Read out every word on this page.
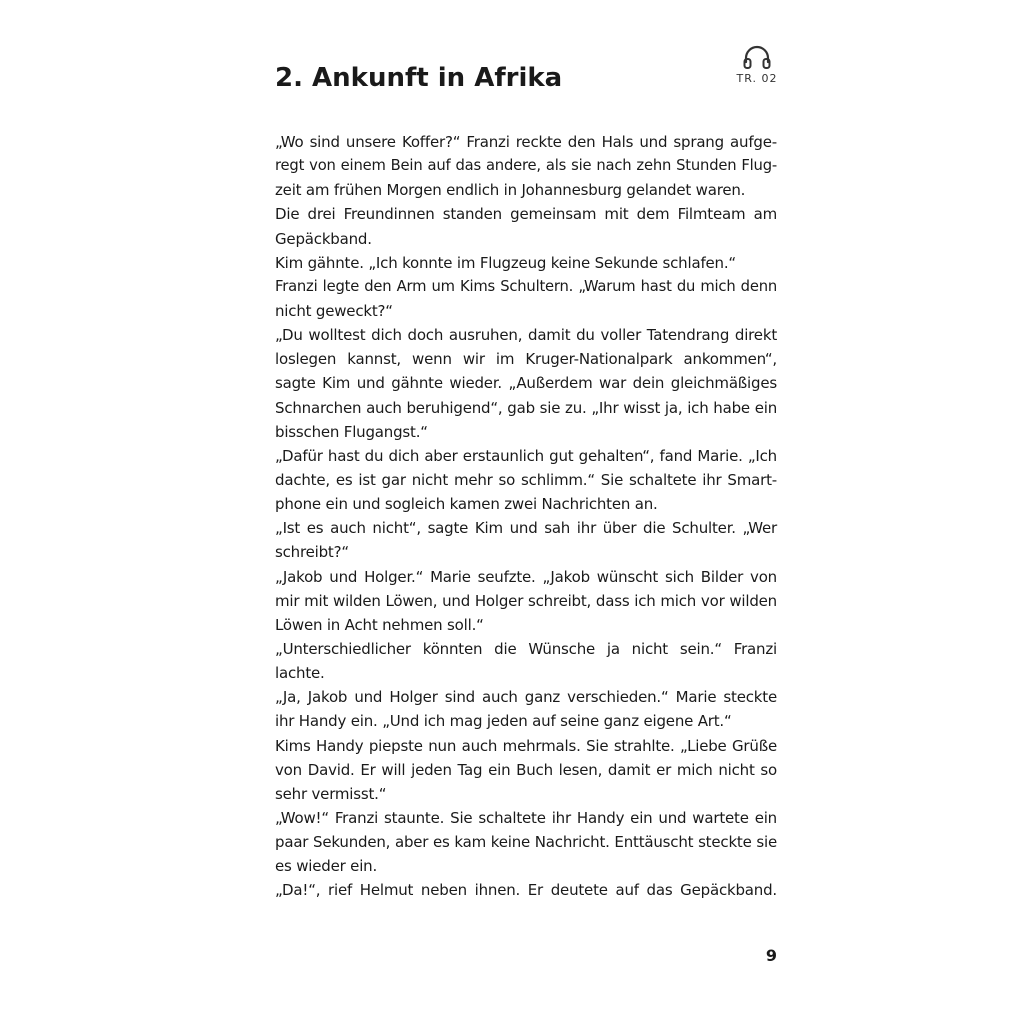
2. Ankunft in Afrika	TR. 02
„Wo sind unsere Koffer?“ Franzi reckte den Hals und sprang aufge-
regt von einem Bein auf das andere, als sie nach zehn Stunden Flug-
zeit am frühen Morgen endlich in Johannesburg gelandet waren.
Die drei Freundinnen standen gemeinsam mit dem Filmteam am
Gepäckband.
Kim gähnte. „Ich konnte im Flugzeug keine Sekunde schlafen.“
Franzi legte den Arm um Kims Schultern. „Warum hast du mich denn
nicht geweckt?“
„Du wolltest dich doch ausruhen, damit du voller Tatendrang direkt
loslegen kannst, wenn wir im Kruger-Nationalpark ankommen“,
sagte Kim und gähnte wieder. „Außerdem war dein gleichmäßiges
Schnarchen auch beruhigend“, gab sie zu. „Ihr wisst ja, ich habe ein
bisschen Flugangst.“
„Dafür hast du dich aber erstaunlich gut gehalten“, fand Marie. „Ich
dachte, es ist gar nicht mehr so schlimm.“ Sie schaltete ihr Smart-
phone ein und sogleich kamen zwei Nachrichten an.
„Ist es auch nicht“, sagte Kim und sah ihr über die Schulter. „Wer
schreibt?“
„Jakob und Holger.“ Marie seufzte. „Jakob wünscht sich Bilder von
mir mit wilden Löwen, und Holger schreibt, dass ich mich vor wilden
Löwen in Acht nehmen soll.“
„Unterschiedlicher könnten die Wünsche ja nicht sein.“ Franzi
lachte.
„Ja, Jakob und Holger sind auch ganz verschieden.“ Marie steckte
ihr Handy ein. „Und ich mag jeden auf seine ganz eigene Art.“
Kims Handy piepste nun auch mehrmals. Sie strahlte. „Liebe Grüße
von David. Er will jeden Tag ein Buch lesen, damit er mich nicht so
sehr vermisst.“
„Wow!“ Franzi staunte. Sie schaltete ihr Handy ein und wartete ein
paar Sekunden, aber es kam keine Nachricht. Enttäuscht steckte sie
es wieder ein.
„Da!“, rief Helmut neben ihnen. Er deutete auf das Gepäckband.
9
